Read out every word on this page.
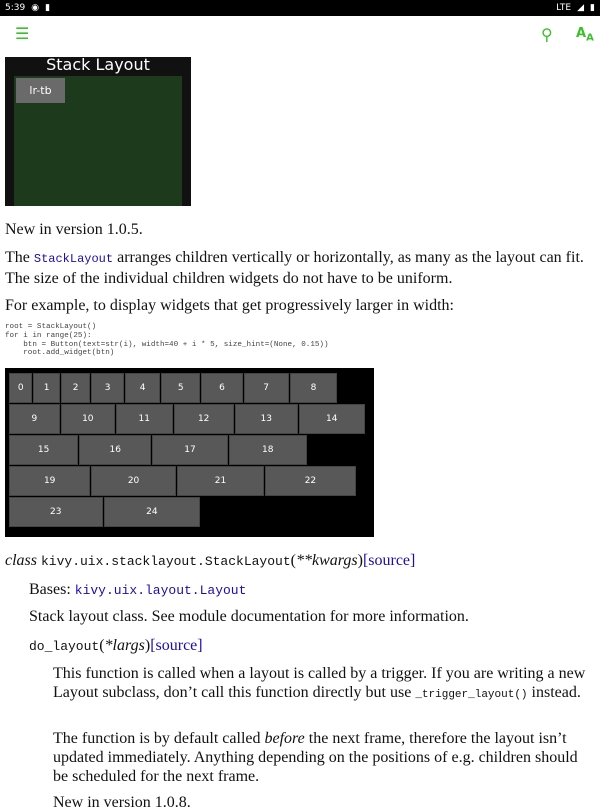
5:39 ◉ ▮	LTE ◢ ▮
☰	⚲ $A_A$
Stack Layout
lr-tb
New in version 1.0.5.
The StackLayout arranges children vertically or horizontally, as many as the layout can fit. The size of the individual children widgets do not have to be uniform.
For example, to display widgets that get progressively larger in width:
root = StackLayout()
for i in range(25):
btn = Button(text=str(i), width=40 + i * 5, size_hint=(None, 0.15))
root.add_widget(btn)
0	1	2	3	4	5	6	7	8
9	10	11	12	13	14
15	16	17	18
19	20	21	22
23	24
class kivy.uix.stacklayout.StackLayout(**kwargs)[source]
Bases: kivy.uix.layout.Layout
Stack layout class. See module documentation for more information.
do_layout(*largs)[source]
This function is called when a layout is called by a trigger. If you are writing a new Layout subclass, don’t call this function directly but use _trigger_layout() instead.
The function is by default called before the next frame, therefore the layout isn’t updated immediately. Anything depending on the positions of e.g. children should be scheduled for the next frame.
New in version 1.0.8.
